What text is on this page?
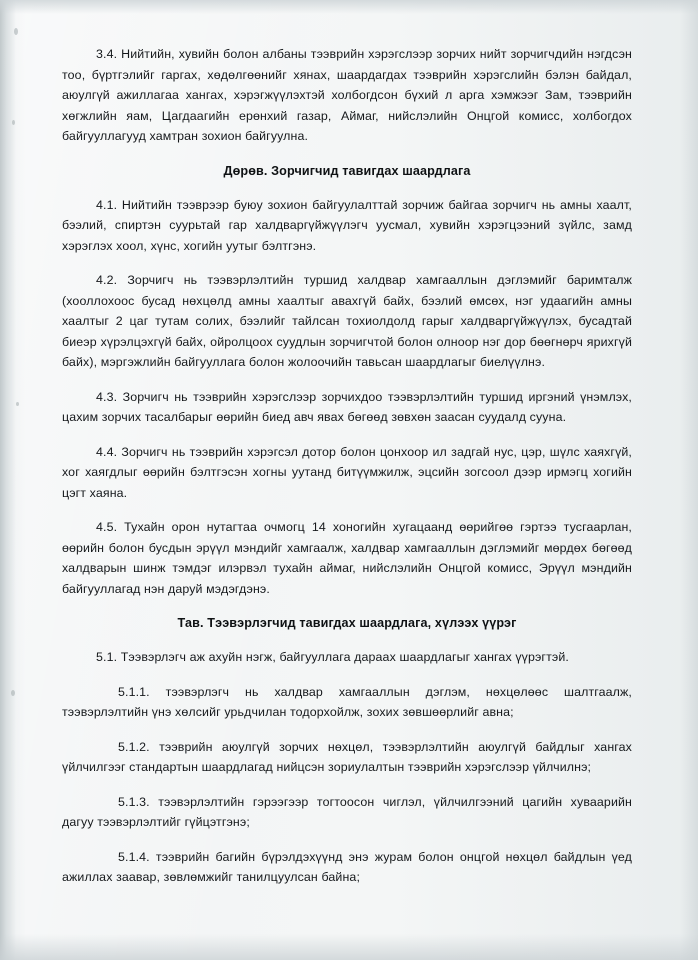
3.4. Нийтийн, хувийн болон албаны тээврийн хэрэгслээр зорчих нийт зорчигчдийн нэгдсэн тоо, бүртгэлийг гаргах, хөдөлгөөнийг хянах, шаардагдах тээврийн хэрэгслийн бэлэн байдал, аюулгүй ажиллагаа хангах, хэрэгжүүлэхтэй холбогдсон бүхий л арга хэмжээг Зам, тээврийн хөгжлийн яам, Цагдаагийн ерөнхий газар, Аймаг, нийслэлийн Онцгой комисс, холбогдох байгууллагууд хамтран зохион байгуулна.

Дөрөв. Зорчигчид тавигдах шаардлага

4.1. Нийтийн тээврээр буюу зохион байгуулалттай зорчиж байгаа зорчигч нь амны хаалт, бээлий, спиртэн суурьтай гар халдваргүйжүүлэгч уусмал, хувийн хэрэгцээний зүйлс, замд хэрэглэх хоол, хүнс, хогийн уутыг бэлтгэнэ.

4.2. Зорчигч нь тээвэрлэлтийн туршид халдвар хамгааллын дэглэмийг баримталж (хооллохоос бусад нөхцөлд амны хаалтыг авахгүй байх, бээлий өмсөх, нэг удаагийн амны хаалтыг 2 цаг тутам солих, бээлийг тайлсан тохиолдолд гарыг халдваргүйжүүлэх, бусадтай биеэр хүрэлцэхгүй байх, ойролцоох суудлын зорчигчтой болон олноор нэг дор бөөгнөрч яриxгүй байх), мэргэжлийн байгууллага болон жолоочийн тавьсан шаардлагыг биелүүлнэ.

4.3. Зорчигч нь тээврийн хэрэгслээр зорчихдоо тээвэрлэлтийн туршид иргэний үнэмлэх, цахим зорчих тасалбарыг өөрийн биед авч явах бөгөөд зөвхөн заасан суудалд суунa.

4.4. Зорчигч нь тээврийн хэрэгсэл дотор болон цонхоор ил задгай нус, цэр, шүлс хаяxгүй, хог хаягдлыг өөрийн бэлтгэсэн хогны уутанд битүүмжилж, эцсийн зогсоол дээр ирмэгц хогийн цэгт хаяна.

4.5. Тухайн орон нутагтаа очмогц 14 хоногийн хугацаанд өөрийгөө гэртээ тусгаарлан, өөрийн болон бусдын эрүүл мэндийг хамгаалж, халдвар хамгааллын дэглэмийг мөрдөх бөгөөд халдварын шинж тэмдэг илэрвэл тухайн аймаг, нийслэлийн Онцгой комисс, Эрүүл мэндийн байгууллагад нэн даруй мэдэгдэнэ.

Тав. Тээвэрлэгчид тавигдах шаардлага, хүлээх үүрэг

5.1. Тээвэрлэгч аж ахуйн нэгж, байгууллага дараах шаардлагыг хангах үүрэгтэй.

5.1.1. тээвэрлэгч нь халдвар хамгааллын дэглэм, нөхцөлөөс шалтгаалж, тээвэрлэлтийн үнэ хөлсийг урьдчилан тодорхойлж, зохих зөвшөөрлийг авна;

5.1.2. тээврийн аюулгүй зорчих нөхцөл, тээвэрлэлтийн аюулгүй байдлыг хангах үйлчилгээг стандартын шаардлагад нийцсэн зориулалтын тээврийн хэрэгслээр үйлчилнэ;

5.1.3. тээвэрлэлтийн гэрээгээр тогтоосон чиглэл, үйлчилгээний цагийн хуваарийн дагуу тээвэрлэлтийг гүйцэтгэнэ;

5.1.4. тээврийн багийн бүрэлдэхүүнд энэ журам болон онцгой нөхцөл байдлын үед ажиллах заавар, зөвлөмжийг танилцуулсан байна;
